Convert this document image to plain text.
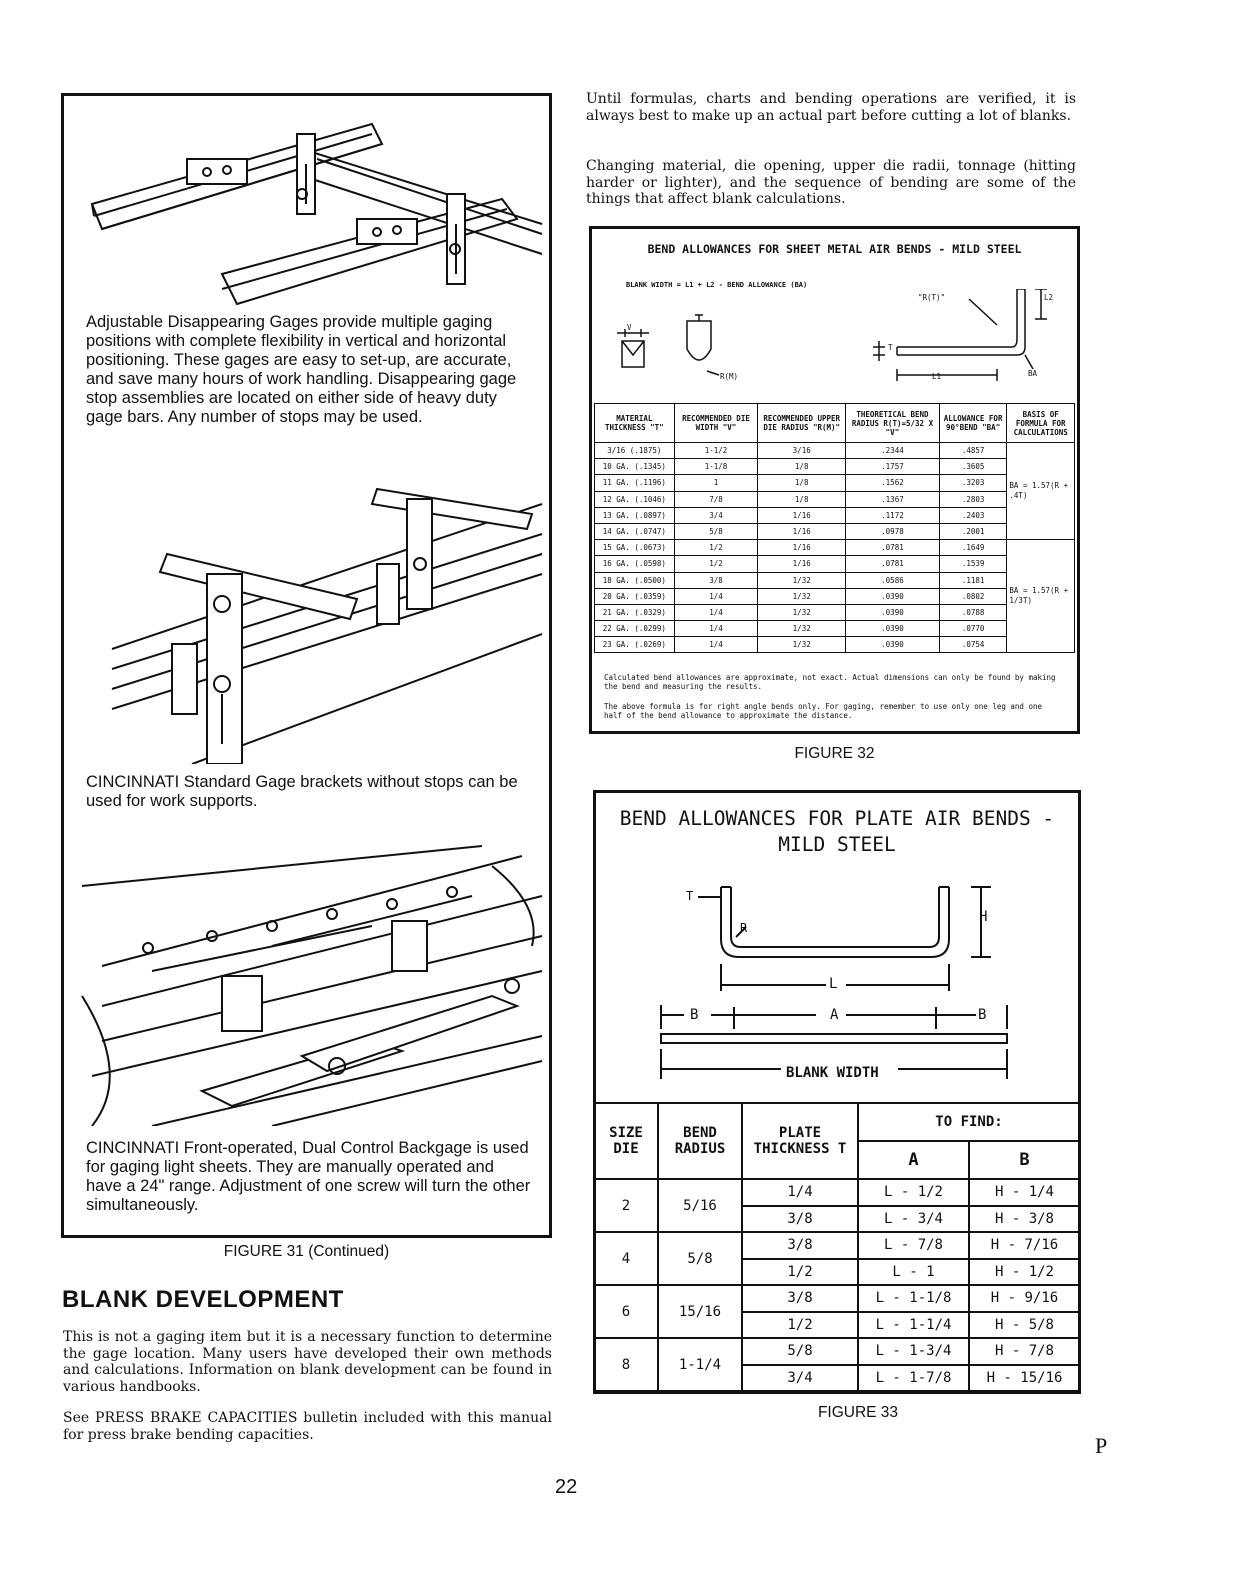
Adjustable Disappearing Gages provide multiple gaging positions with complete flexibility in vertical and horizontal positioning. These gages are easy to set-up, are accurate, and save many hours of work handling. Disappearing gage stop assemblies are located on either side of heavy duty gage bars. Any number of stops may be used.
CINCINNATI Standard Gage brackets without stops can be used for work supports.
CINCINNATI Front-operated, Dual Control Backgage is used for gaging light sheets. They are manually operated and have a 24" range. Adjustment of one screw will turn the other simultaneously.
FIGURE 31 (Continued)
BLANK DEVELOPMENT
This is not a gaging item but it is a necessary function to determine the gage location. Many users have developed their own methods and calculations. Information on blank development can be found in various handbooks.
See PRESS BRAKE CAPACITIES bulletin included with this manual for press brake bending capacities.
Until formulas, charts and bending operations are verified, it is always best to make up an actual part before cutting a lot of blanks.
Changing material, die opening, upper die radii, tonnage (hitting harder or lighter), and the sequence of bending are some of the things that affect blank calculations.
BEND ALLOWANCES FOR SHEET METAL AIR BENDS - MILD STEEL
BLANK WIDTH = L1 + L2 - BEND ALLOWANCE (BA)
"R(T)"	L2
L1	BA
V
R(M)
T
MATERIAL THICKNESS "T"	RECOMMENDED DIE WIDTH "V"	RECOMMENDED UPPER DIE RADIUS "R(M)"	THEORETICAL BEND RADIUS R(T)=5/32 X "V"	ALLOWANCE FOR 90°BEND "BA"	BASIS OF FORMULA FOR CALCULATIONS
3/16 (.1875)	1-1/2	3/16	.2344	.4857	BA = 1.57(R + .4T)
10 GA. (.1345)	1-1/8	1/8	.1757	.3605	
11 GA. (.1196)	1	1/8	.1562	.3203	
12 GA. (.1046)	7/8	1/8	.1367	.2803	
13 GA. (.0897)	3/4	1/16	.1172	.2403	
14 GA. (.0747)	5/8	1/16	.0978	.2001	
15 GA. (.0673)	1/2	1/16	.0781	.1649	BA = 1.57(R + 1/3T)
16 GA. (.0598)	1/2	1/16	.0781	.1539	
18 GA. (.0500)	3/8	1/32	.0586	.1181	
20 GA. (.0359)	1/4	1/32	.0390	.0802	
21 GA. (.0329)	1/4	1/32	.0390	.0788	
22 GA. (.0299)	1/4	1/32	.0390	.0770	
23 GA. (.0269)	1/4	1/32	.0390	.0754	
Calculated bend allowances are approximate, not exact. Actual dimensions can only be found by making the bend and measuring the results.
The above formula is for right angle bends only. For gaging, remember to use only one leg and one half of the bend allowance to approximate the distance.
FIGURE 32
BEND ALLOWANCES FOR PLATE AIR BENDS -
MILD STEEL
T
R
H
L
B	A	B
BLANK WIDTH
SIZE DIE	BEND RADIUS	PLATE THICKNESS T	TO FIND:	
			A	B
2	5/16	1/4	L - 1/2	H - 1/4
		3/8	L - 3/4	H - 3/8
4	5/8	3/8	L - 7/8	H - 7/16
		1/2	L - 1	H - 1/2
6	15/16	3/8	L - 1-1/8	H - 9/16
		1/2	L - 1-1/4	H - 5/8
8	1-1/4	5/8	L - 1-3/4	H - 7/8
		3/4	L - 1-7/8	H - 15/16
FIGURE 33
P
22
